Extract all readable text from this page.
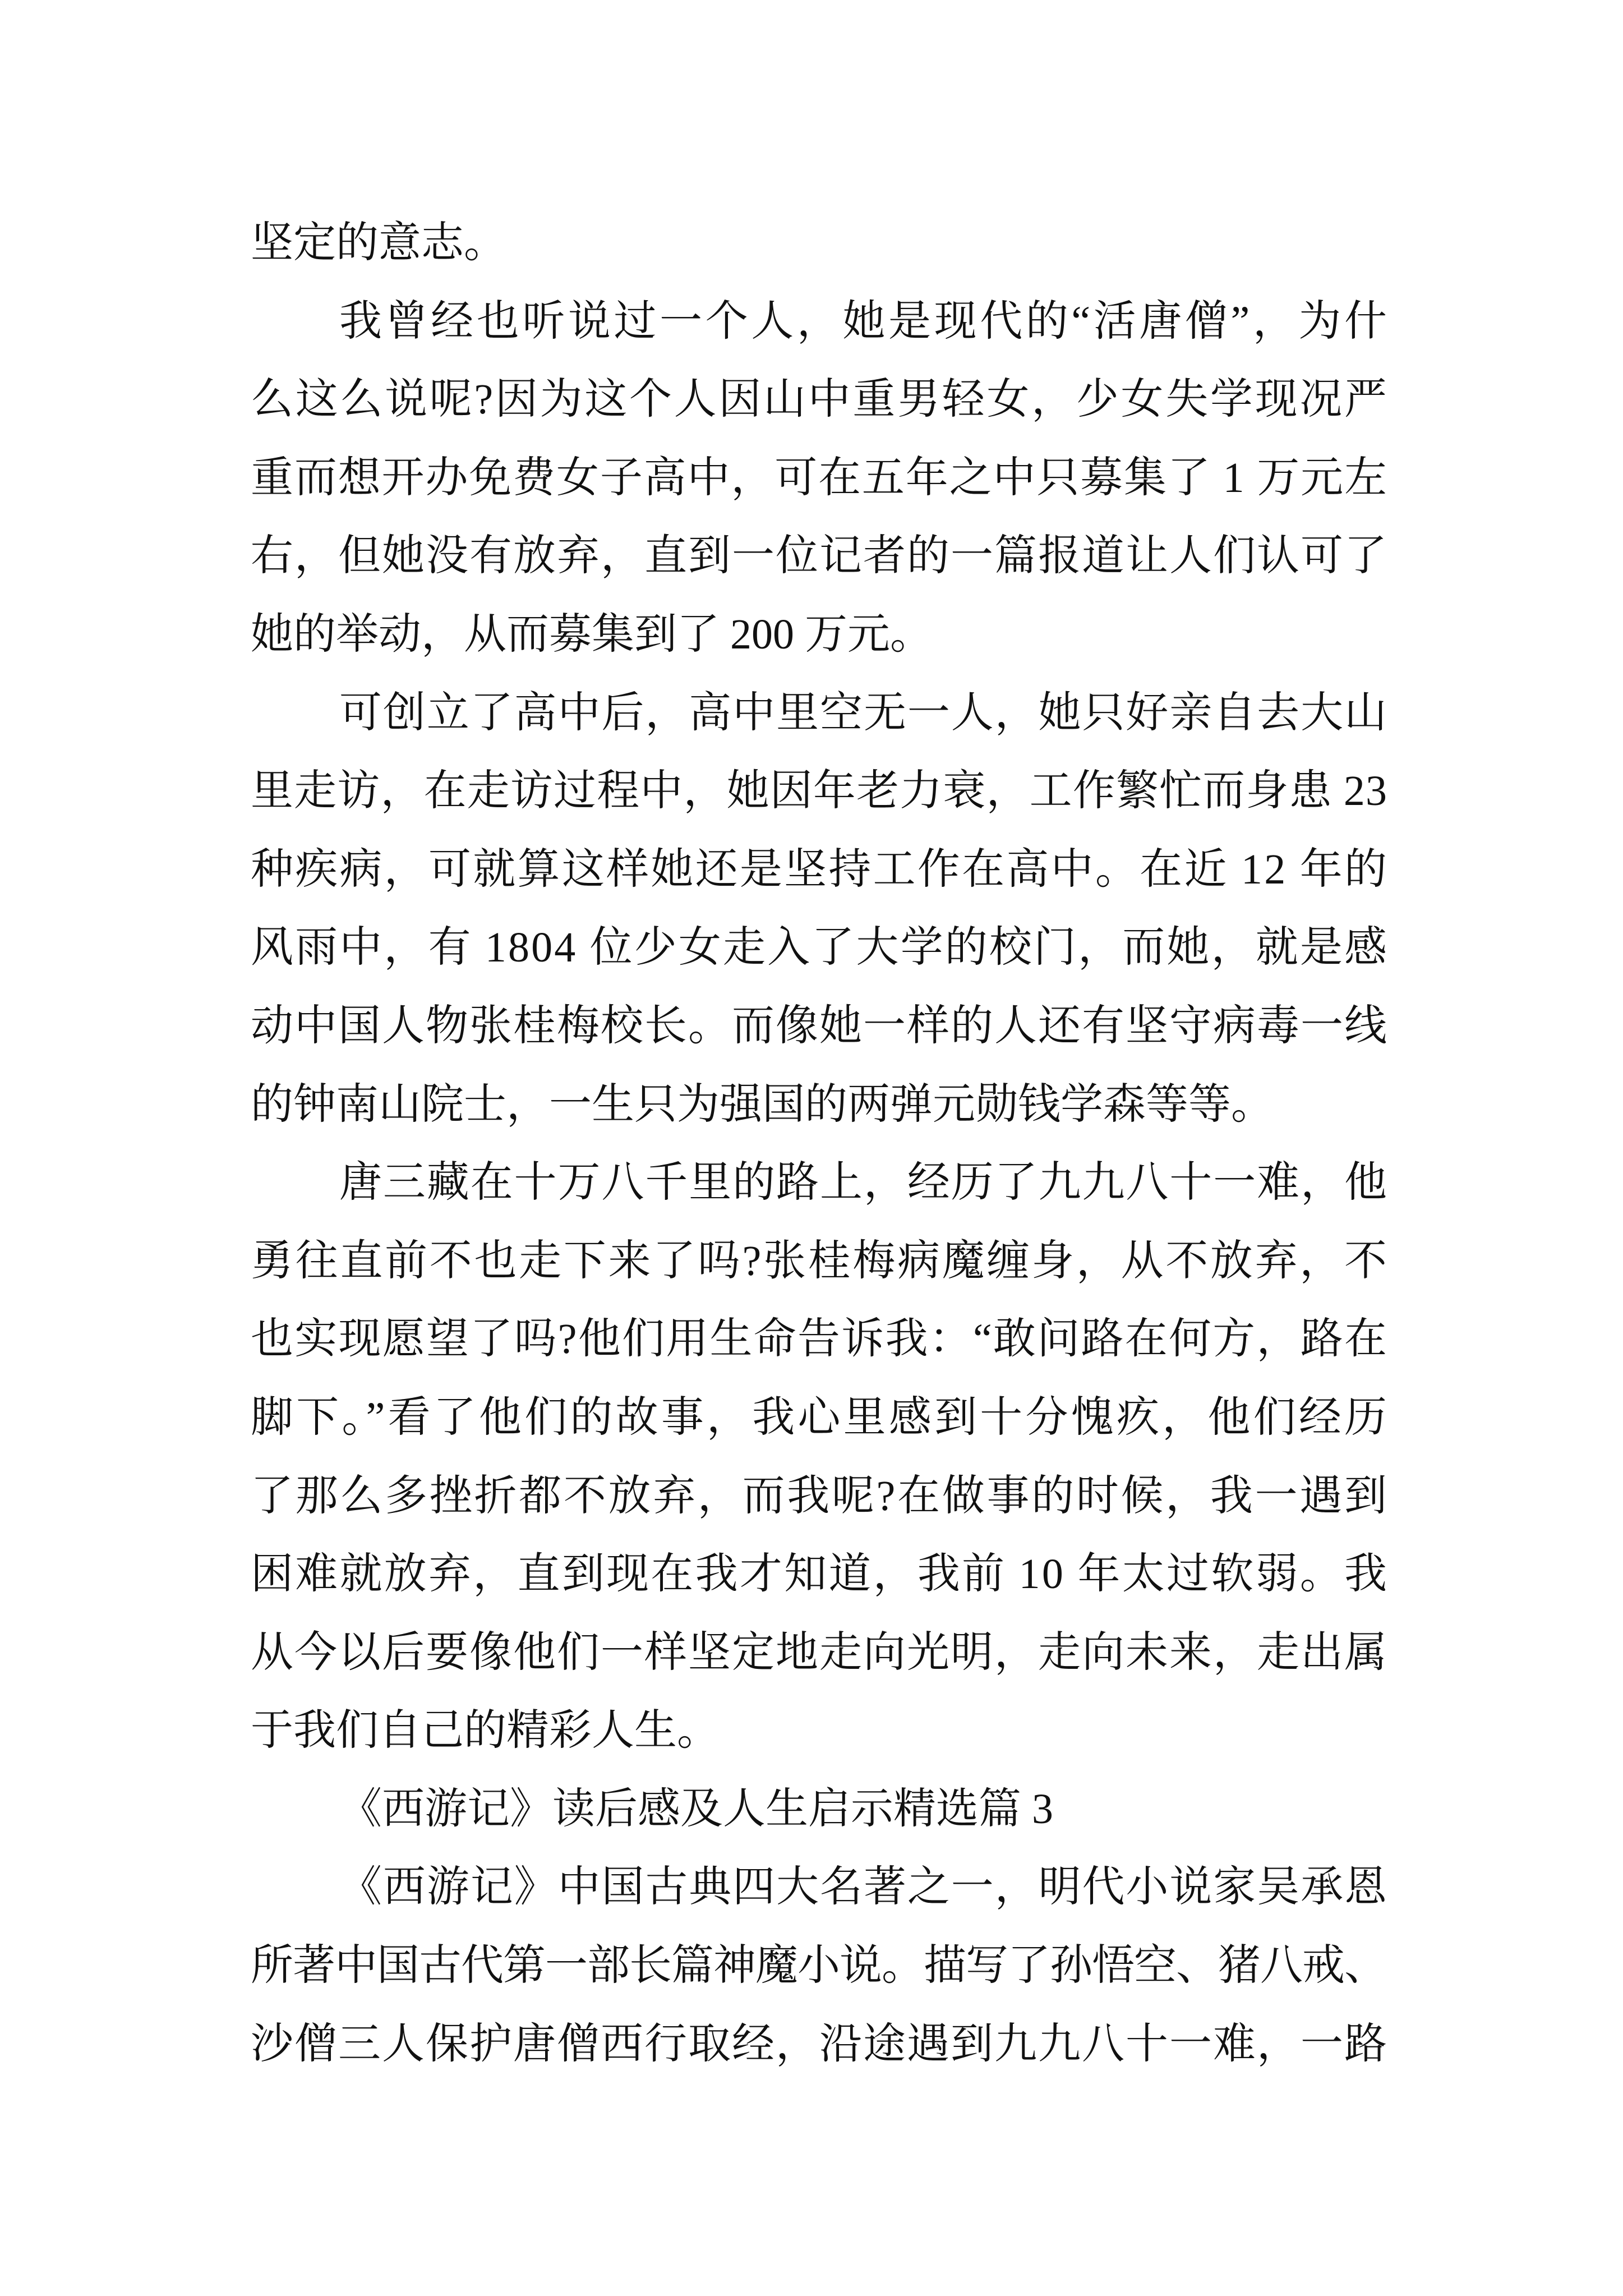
坚定的意志。
我曾经也听说过一个人，她是现代的“活唐僧”，为什
么这么说呢?因为这个人因山中重男轻女，少女失学现况严
重而想开办免费女子高中，可在五年之中只募集了 1 万元左
右，但她没有放弃，直到一位记者的一篇报道让人们认可了
她的举动，从而募集到了 200 万元。
可创立了高中后，高中里空无一人，她只好亲自去大山
里走访，在走访过程中，她因年老力衰，工作繁忙而身患 23
种疾病，可就算这样她还是坚持工作在高中。在近 12 年的
风雨中，有 1804 位少女走入了大学的校门，而她，就是感
动中国人物张桂梅校长。而像她一样的人还有坚守病毒一线
的钟南山院士，一生只为强国的两弹元勋钱学森等等。
唐三藏在十万八千里的路上，经历了九九八十一难，他
勇往直前不也走下来了吗?张桂梅病魔缠身，从不放弃，不
也实现愿望了吗?他们用生命告诉我：“敢问路在何方，路在
脚下。”看了他们的故事，我心里感到十分愧疚，他们经历
了那么多挫折都不放弃，而我呢?在做事的时候，我一遇到
困难就放弃，直到现在我才知道，我前 10 年太过软弱。我
从今以后要像他们一样坚定地走向光明，走向未来，走出属
于我们自己的精彩人生。
《西游记》读后感及人生启示精选篇 3
《西游记》中国古典四大名著之一，明代小说家吴承恩
所著中国古代第一部长篇神魔小说。描写了孙悟空、猪八戒、
沙僧三人保护唐僧西行取经，沿途遇到九九八十一难，一路
